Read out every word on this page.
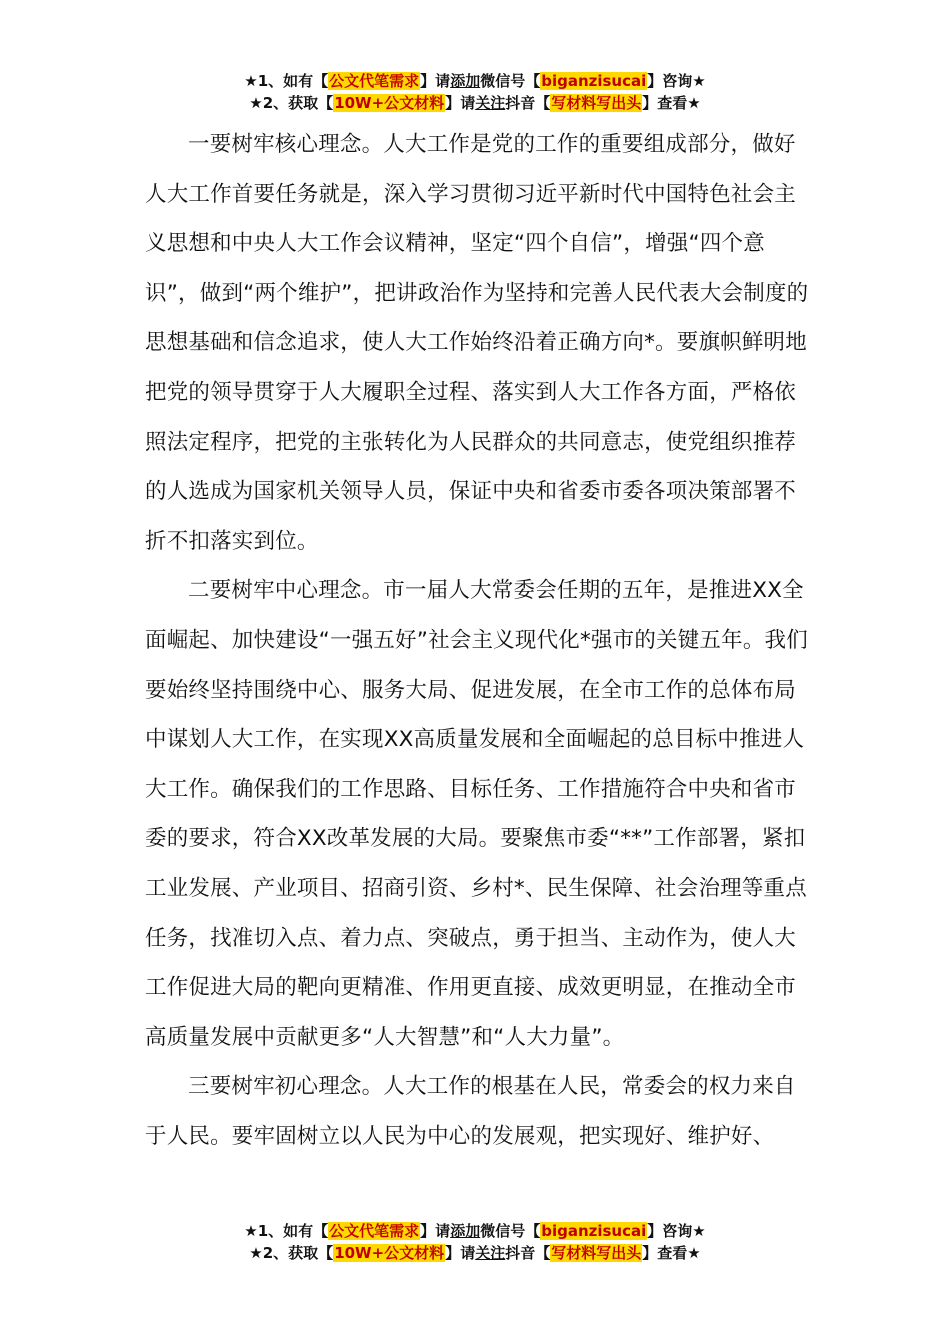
★1、如有【公文代笔需求】请添加微信号【biganzisucai】咨询★
★2、获取【10W+公文材料】请关注抖音【写材料写出头】查看★

一要树牢核心理念。人大工作是党的工作的重要组成部分，做好人大工作首要任务就是，深入学习贯彻习近平新时代中国特色社会主义思想和中央人大工作会议精神，坚定“四个自信”，增强“四个意识”，做到“两个维护”，把讲政治作为坚持和完善人民代表大会制度的思想基础和信念追求，使人大工作始终沿着正确方向*。要旗帜鲜明地把党的领导贯穿于人大履职全过程、落实到人大工作各方面，严格依照法定程序，把党的主张转化为人民群众的共同意志，使党组织推荐的人选成为国家机关领导人员，保证中央和省委市委各项决策部署不折不扣落实到位。

二要树牢中心理念。市一届人大常委会任期的五年，是推进XX全面崛起、加快建设“一强五好”社会主义现代化*强市的关键五年。我们要始终坚持围绕中心、服务大局、促进发展，在全市工作的总体布局中谋划人大工作，在实现XX高质量发展和全面崛起的总目标中推进人大工作。确保我们的工作思路、目标任务、工作措施符合中央和省市委的要求，符合XX改革发展的大局。要聚焦市委“**”工作部署，紧扣工业发展、产业项目、招商引资、乡村*、民生保障、社会治理等重点任务，找准切入点、着力点、突破点，勇于担当、主动作为，使人大工作促进大局的靶向更精准、作用更直接、成效更明显，在推动全市高质量发展中贡献更多“人大智慧”和“人大力量”。

三要树牢初心理念。人大工作的根基在人民，常委会的权力来自于人民。要牢固树立以人民为中心的发展观，把实现好、维护好、

★1、如有【公文代笔需求】请添加微信号【biganzisucai】咨询★
★2、获取【10W+公文材料】请关注抖音【写材料写出头】查看★
